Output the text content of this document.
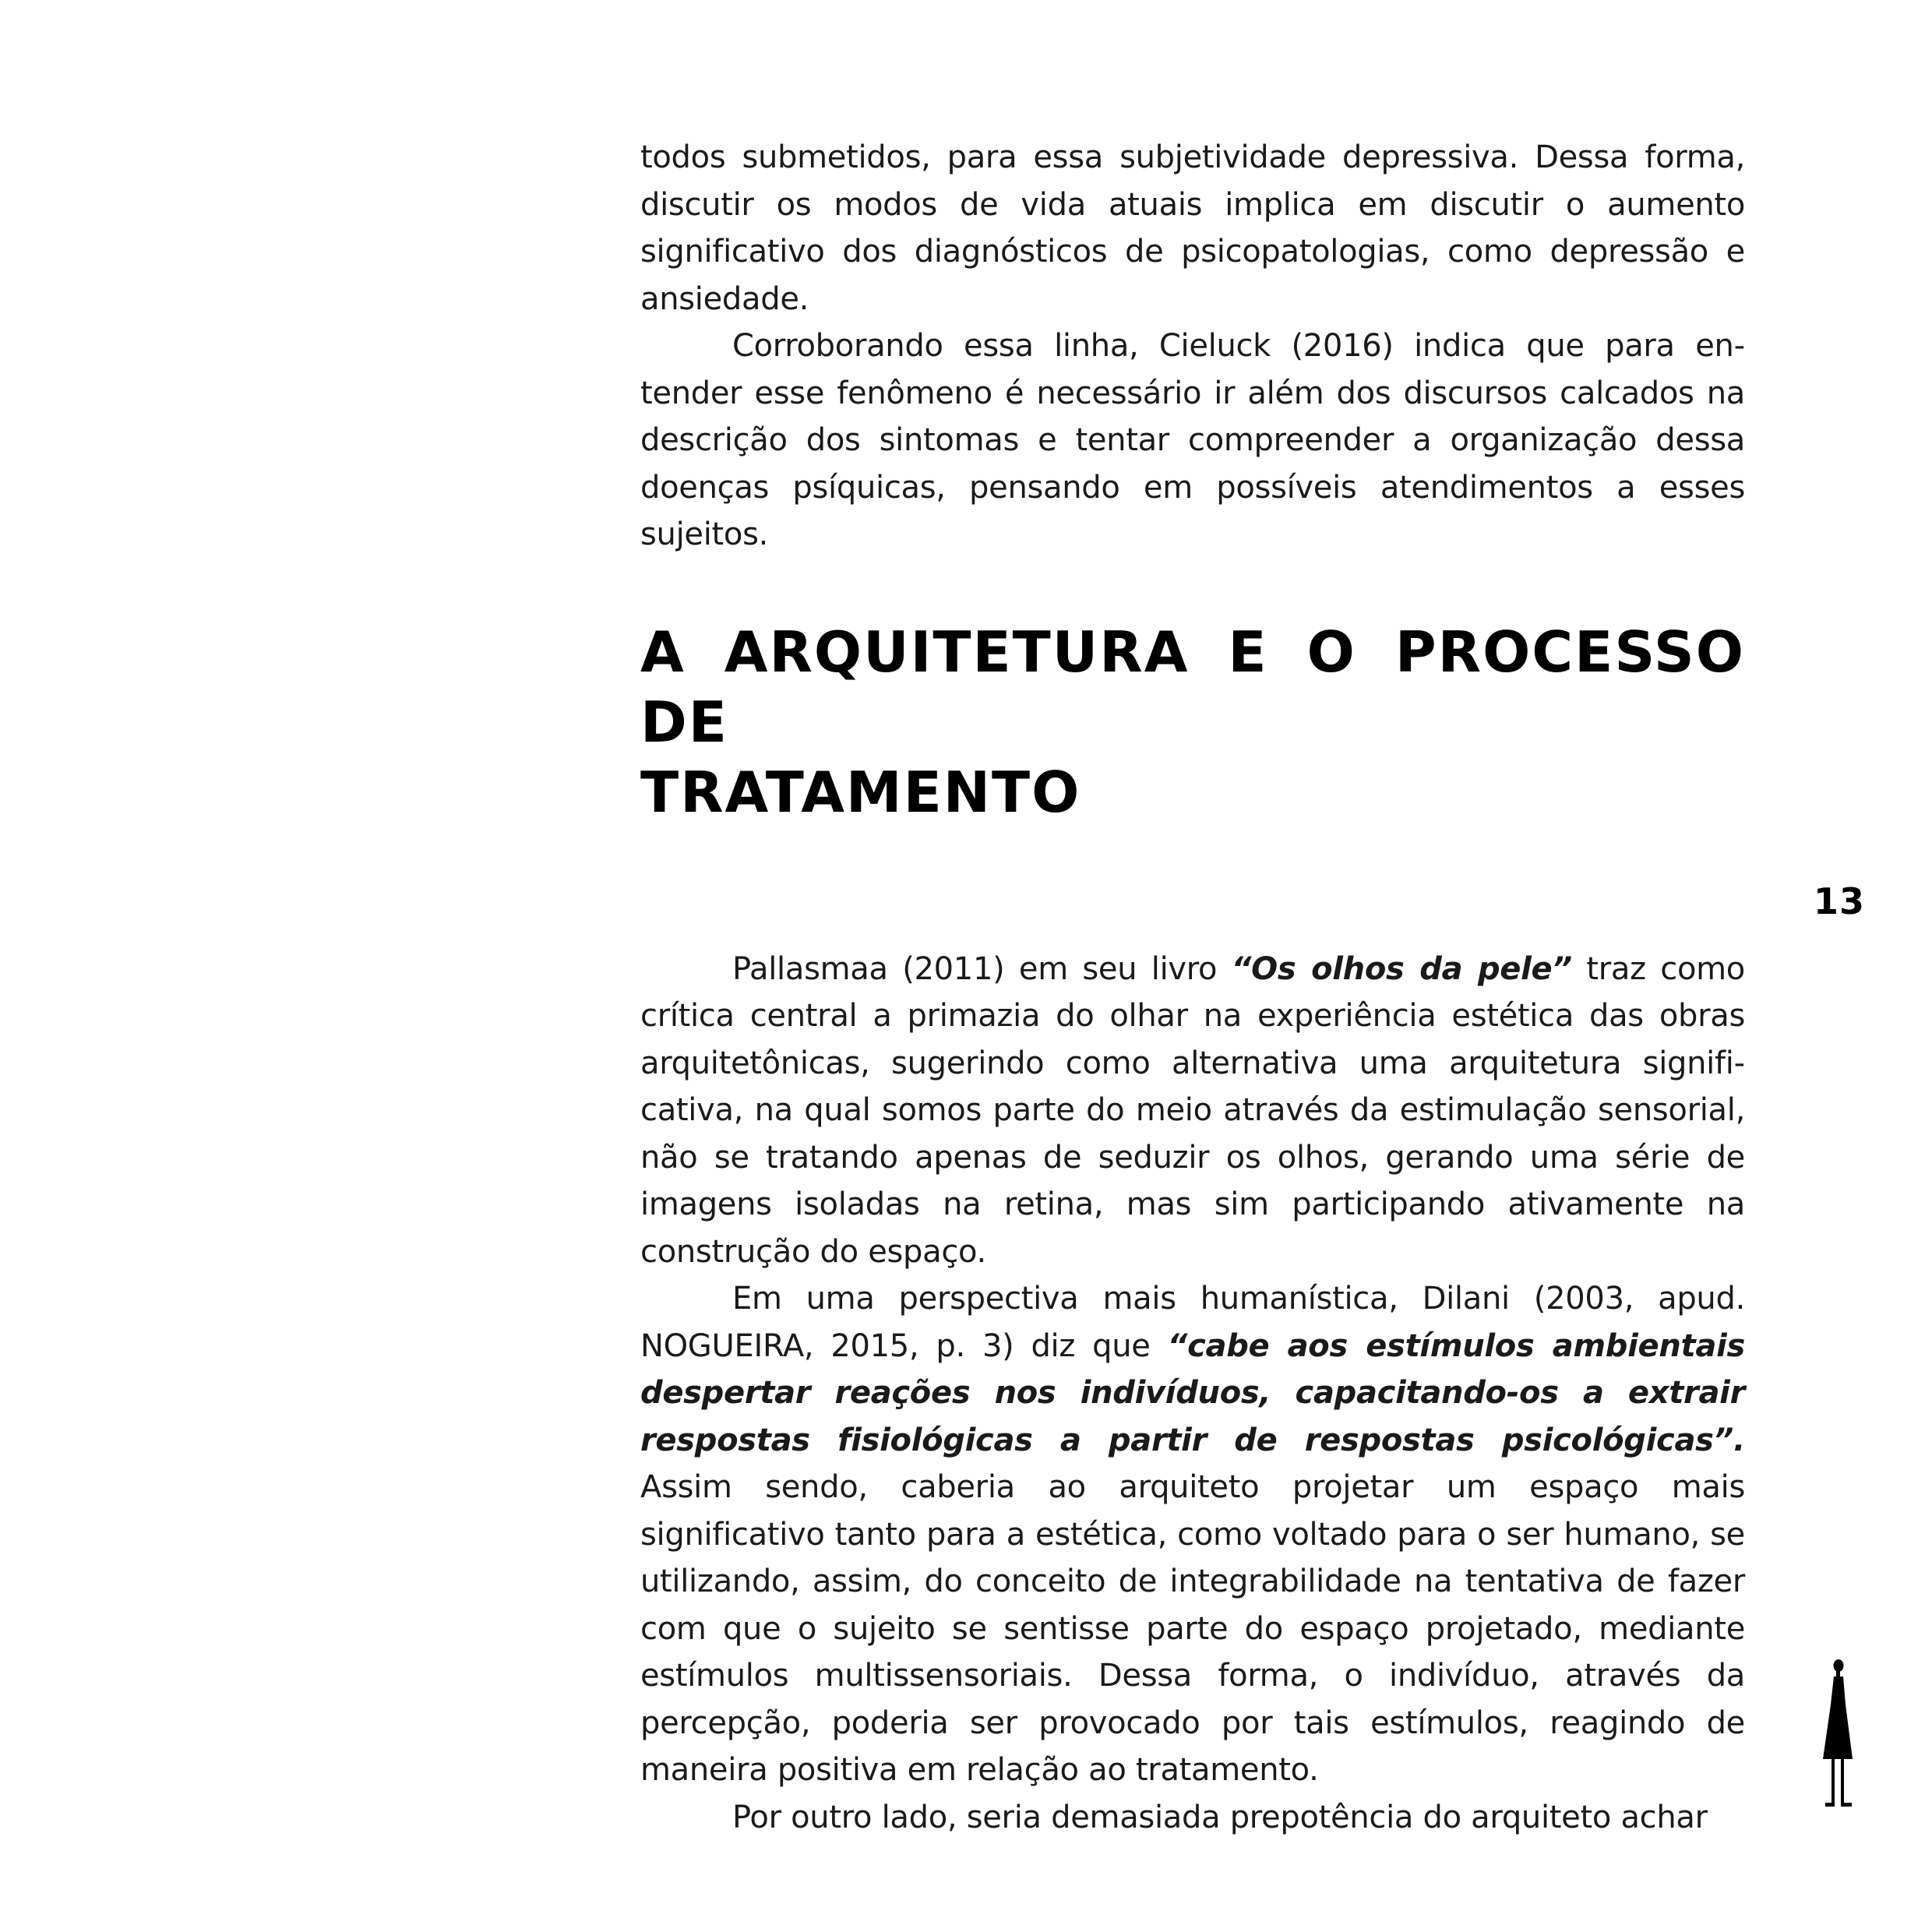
todos submetidos, para essa subjetividade depressiva. Dessa forma, discutir os modos de vida atuais implica em discutir o aumento significativo dos diagnósticos de psicopatologias, como depressão e ansiedade.

Corroborando essa linha, Cieluck (2016) indica que para entender esse fenômeno é necessário ir além dos discursos calcados na descrição dos sintomas e tentar compreender a organização dessa doenças psíquicas, pensando em possíveis atendimentos a esses sujeitos.

A ARQUITETURA E O PROCESSO DE
TRATAMENTO

Pallasmaa (2011) em seu livro “Os olhos da pele” traz como crítica central a primazia do olhar na experiência estética das obras arquitetônicas, sugerindo como alternativa uma arquitetura significativa, na qual somos parte do meio através da estimulação sensorial, não se tratando apenas de seduzir os olhos, gerando uma série de imagens isoladas na retina, mas sim participando ativamente na construção do espaço.

Em uma perspectiva mais humanística, Dilani (2003, apud. NOGUEIRA, 2015, p. 3) diz que “cabe aos estímulos ambientais despertar reações nos indivíduos, capacitando-os a extrair respostas fisiológicas a partir de respostas psicológicas”. Assim sendo, caberia ao arquiteto projetar um espaço mais significativo tanto para a estética, como voltado para o ser humano, se utilizando, assim, do conceito de integrabilidade na tentativa de fazer com que o sujeito se sentisse parte do espaço projetado, mediante estímulos multissensoriais. Dessa forma, o indivíduo, através da percepção, poderia ser provocado por tais estímulos, reagindo de maneira positiva em relação ao tratamento.

Por outro lado, seria demasiada prepotência do arquiteto achar

13
